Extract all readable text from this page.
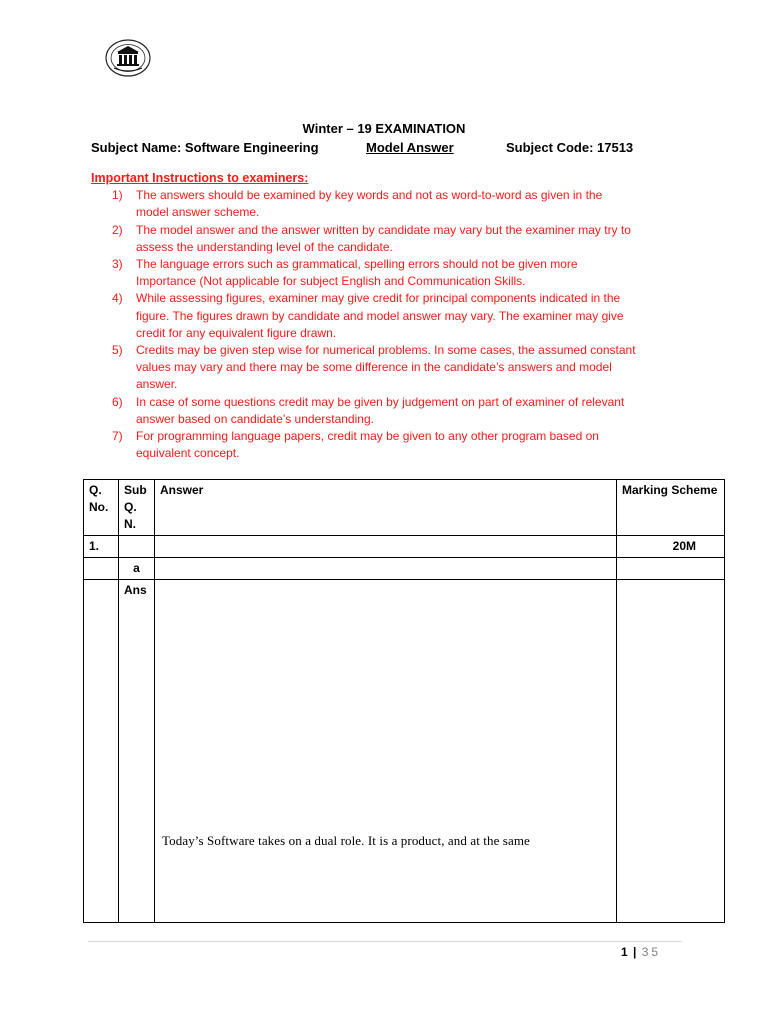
Winter – 19 EXAMINATION
Subject Name: Software Engineering	Model Answer	Subject Code: 17513
Important Instructions to examiners:
1) The answers should be examined by key words and not as word-to-word as given in the model answer scheme.
2) The model answer and the answer written by candidate may vary but the examiner may try to assess the understanding level of the candidate.
3) The language errors such as grammatical, spelling errors should not be given more Importance (Not applicable for subject English and Communication Skills.
4) While assessing figures, examiner may give credit for principal components indicated in the figure. The figures drawn by candidate and model answer may vary. The examiner may give credit for any equivalent figure drawn.
5) Credits may be given step wise for numerical problems. In some cases, the assumed constant values may vary and there may be some difference in the candidate’s answers and model answer.
6) In case of some questions credit may be given by judgement on part of examiner of relevant answer based on candidate’s understanding.
7) For programming language papers, credit may be given to any other program based on equivalent concept.
Q. No.	Sub Q. N.	Answer	Marking Scheme
1.			20M
	a		
	Ans	Today’s Software takes on a dual role. It is a product, and at the same	

1 | 35
